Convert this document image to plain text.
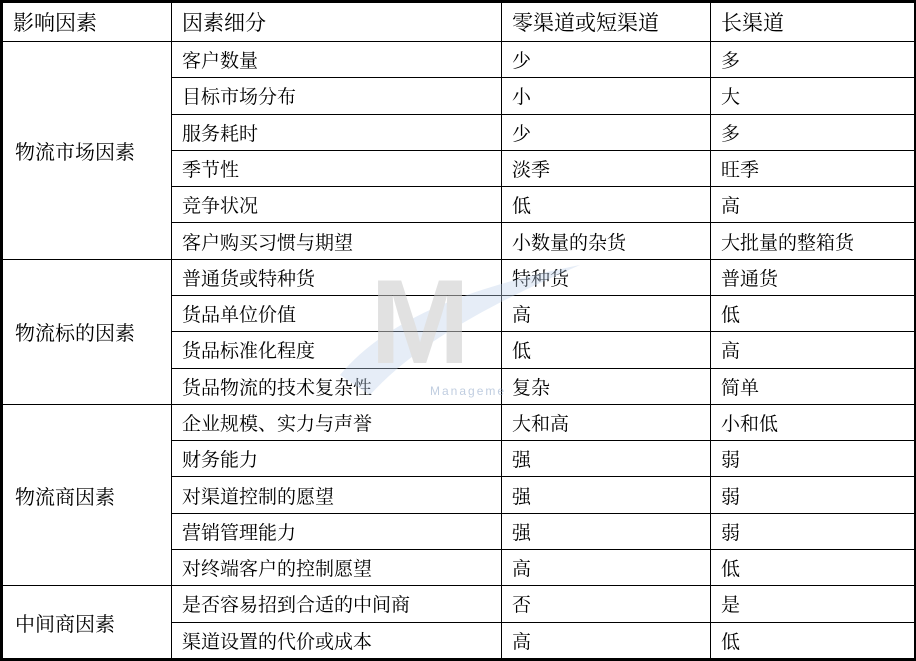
影响因素	因素细分	零渠道或短渠道	长渠道
物流市场因素	客户数量	少	多
	目标市场分布	小	大
	服务耗时	少	多
	季节性	淡季	旺季
	竞争状况	低	高
	客户购买习惯与期望	小数量的杂货	大批量的整箱货
物流标的因素	普通货或特种货	特种货	普通货
	货品单位价值	高	低
	货品标准化程度	低	高
	货品物流的技术复杂性	复杂	简单
物流商因素	企业规模、实力与声誉	大和高	小和低
	财务能力	强	弱
	对渠道控制的愿望	强	弱
	营销管理能力	强	弱
	对终端客户的控制愿望	高	低
中间商因素	是否容易招到合适的中间商	否	是
	渠道设置的代价或成本	高	低
M
Manageme
